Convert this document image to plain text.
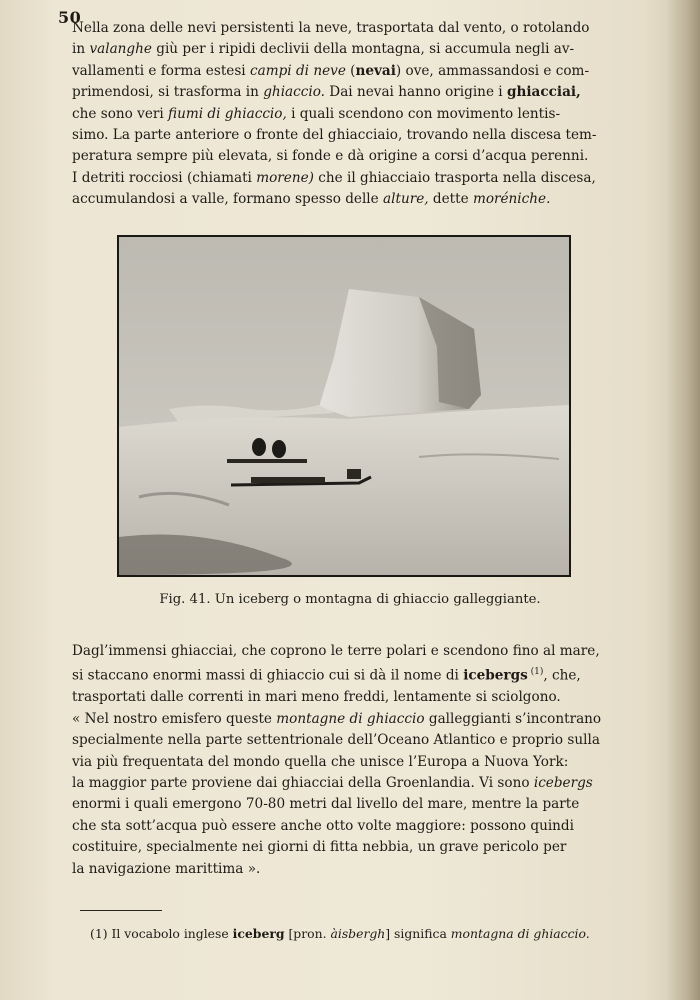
50

Nella zona delle nevi persistenti la neve, trasportata dal vento, o rotolando
in valanghe giù per i ripidi declivii della montagna, si accumula negli av-
vallamenti e forma estesi campi di neve (nevai) ove, ammassandosi e com-
primendosi, si trasforma in ghiaccio. Dai nevai hanno origine i ghiacciai,
che sono veri fiumi di ghiaccio, i quali scendono con movimento lentis-
simo. La parte anteriore o fronte del ghiacciaio, trovando nella discesa tem-
peratura sempre più elevata, si fonde e dà origine a corsi d’acqua perenni.
I detriti rocciosi (chiamati morene) che il ghiacciaio trasporta nella discesa,
accumulandosi a valle, formano spesso delle alture, dette moréniche.

Fig. 41. Un iceberg o montagna di ghiaccio galleggiante.

Dagl’immensi ghiacciai, che coprono le terre polari e scendono fino al mare,
si staccano enormi massi di ghiaccio cui si dà il nome di icebergs $^{(1)}$, che,
trasportati dalle correnti in mari meno freddi, lentamente si sciolgono.
« Nel nostro emisfero queste montagne di ghiaccio galleggianti s’incontrano
specialmente nella parte settentrionale dell’Oceano Atlantico e proprio sulla
via più frequentata del mondo quella che unisce l’Europa a Nuova York:
la maggior parte proviene dai ghiacciai della Groenlandia. Vi sono icebergs
enormi i quali emergono 70-80 metri dal livello del mare, mentre la parte
che sta sott’acqua può essere anche otto volte maggiore: possono quindi
costituire, specialmente nei giorni di fitta nebbia, un grave pericolo per
la navigazione marittima ».

(1) Il vocabolo inglese iceberg [pron. àisbergh] significa montagna di ghiaccio.
